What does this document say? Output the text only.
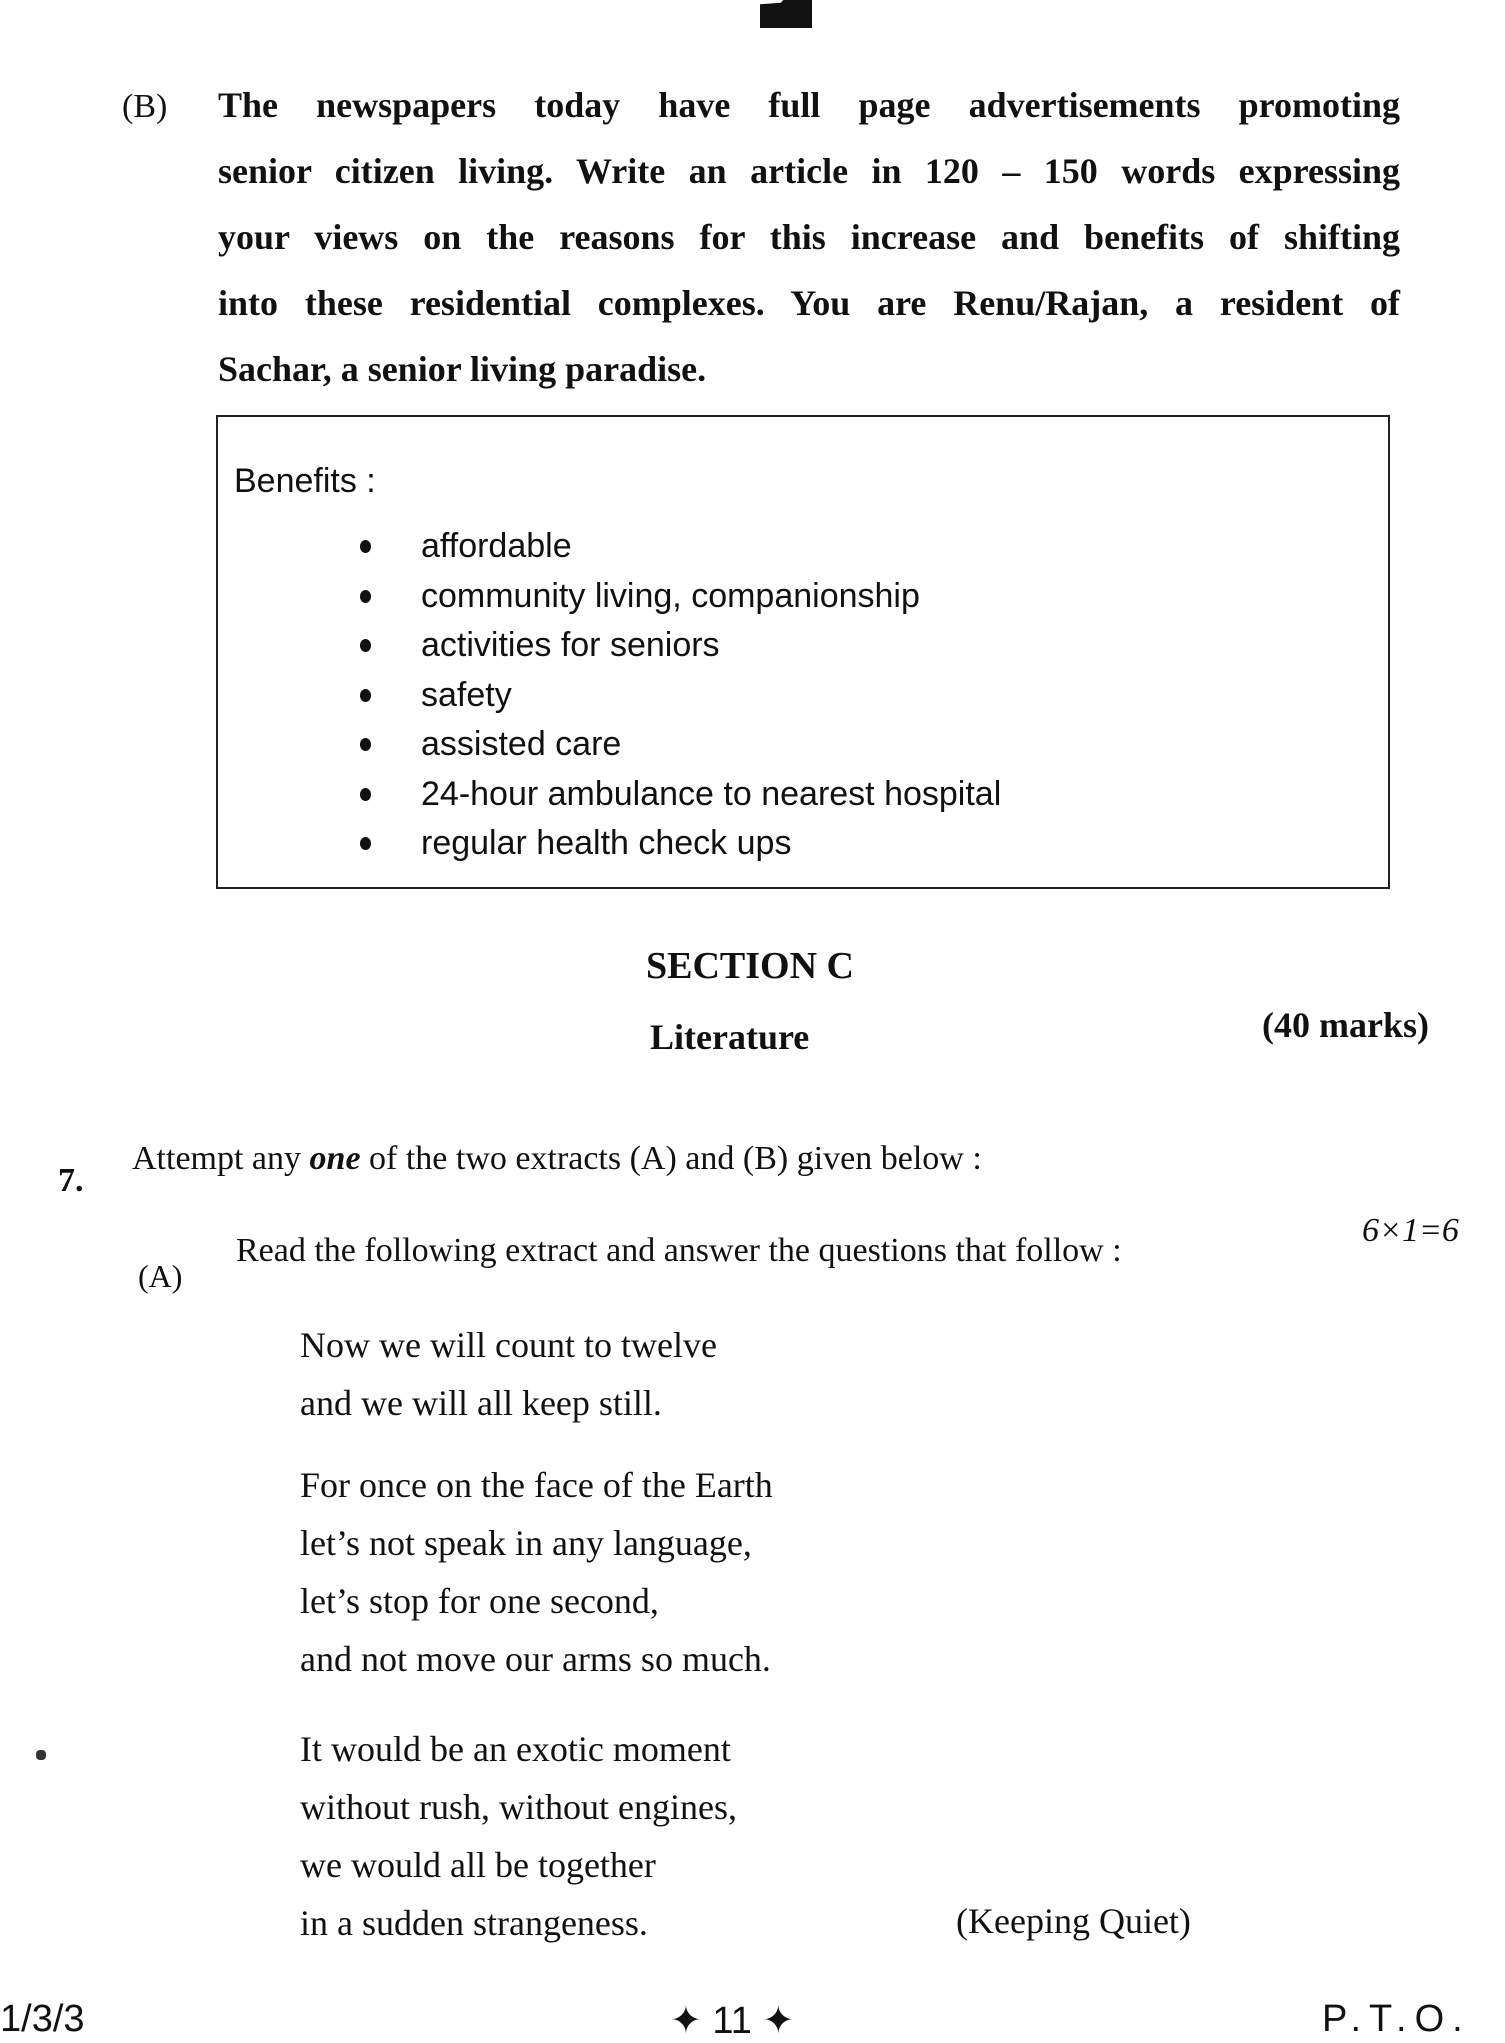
(B) The newspapers today have full page advertisements promoting
senior citizen living. Write an article in 120 – 150 words expressing
your views on the reasons for this increase and benefits of shifting
into these residential complexes. You are Renu/Rajan, a resident of
Sachar, a senior living paradise.
Benefits :
affordable
community living, companionship
activities for seniors
safety
assisted care
24-hour ambulance to nearest hospital
regular health check ups
SECTION C
Literature	(40 marks)
7.
Attempt any one of the two extracts (A) and (B) given below :
(A)
Read the following extract and answer the questions that follow :
6×1=6
Now we will count to twelve
and we will all keep still.
For once on the face of the Earth
let’s not speak in any language,
let’s stop for one second,
and not move our arms so much.
It would be an exotic moment
without rush, without engines,
we would all be together
in a sudden strangeness.	(Keeping Quiet)
1/3/3	✦ 11 ✦	P.T.O.
